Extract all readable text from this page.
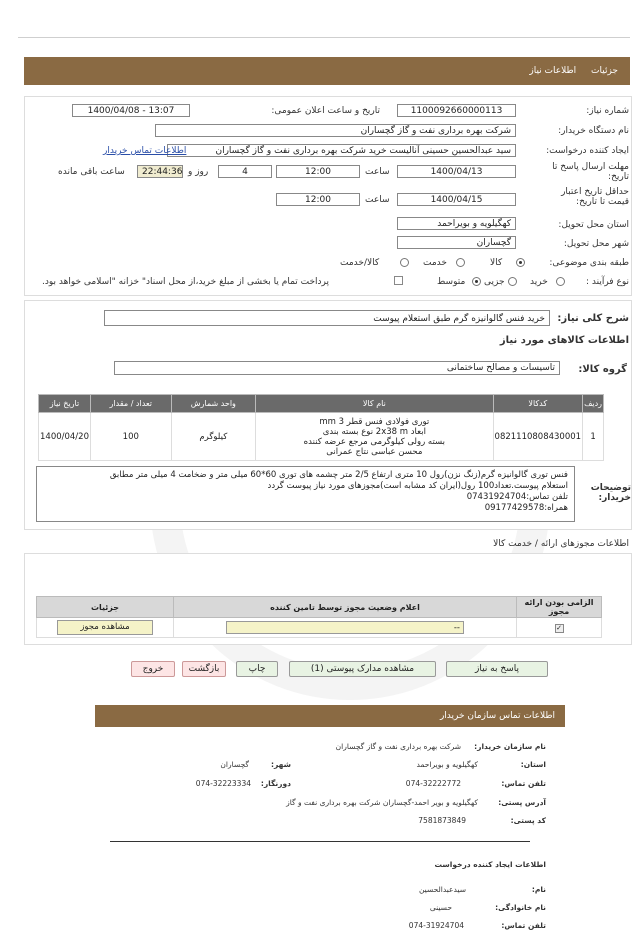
جزئیات اطلاعات نیاز
شماره نیاز:
1100092660000113
تاریخ و ساعت اعلان عمومی:
1400/04/08 - 13:07
نام دستگاه خریدار:
شرکت بهره برداری نفت و گاز گچساران
ایجاد کننده درخواست:
سید عبدالحسین حسینی آنالیست خرید شرکت بهره برداری نفت و گاز گچساران
اطلاعات تماس خریدار
مهلت ارسال پاسخ تا تاریخ:
1400/04/13
ساعت
12:00
4
روز و
22:44:36
ساعت باقی مانده
حداقل تاریخ اعتبار قیمت تا تاریخ:
1400/04/15
ساعت
12:00
استان محل تحویل:
کهگیلویه و بویراحمد
شهر محل تحویل:
گچساران
طبقه بندی موضوعی:
کالا
خدمت
کالا/خدمت
نوع فرآیند :
خرید
جزیی
متوسط
پرداخت تمام یا بخشی از مبلغ خرید،از محل اسناد" خزانه "اسلامی خواهد بود.
شرح کلی نیاز:
خرید فنس گالوانیزه گرم طبق استعلام پیوست
اطلاعات کالاهای مورد نیاز
گروه کالا:
تاسیسات و مصالح ساختمانی
ردیف	کدکالا	نام کالا	واحد شمارش	تعداد / مقدار	تاریخ نیاز
1	0821110808430001	توری فولادی فنس قطر 3 mm
ابعاد 2x38 m نوع بسته بندی
بسته رولی کیلوگرمی مرجع عرضه کننده
محسن عباسی نتاج عمرانی	کیلوگرم	100	1400/04/20
توضیحات خریدار:
فنس توری گالوانیزه گرم(زنگ نزن)رول 10 متری ارتفاع 2/5 متر چشمه های توری 60*60 میلی متر و ضخامت 4 میلی متر مطابق
استعلام پیوست.تعداد100 رول(ایران کد مشابه است)مجوزهای مورد نیاز پیوست گردد
تلفن تماس:07431924704
همراه:09177429578
اطلاعات مجوزهای ارائه / خدمت کالا
الزامی بودن ارائه مجوز	اعلام وضعیت مجوز توسط تامین کننده	جزئیات
✓	--	مشاهده مجوز
پاسخ به نیاز
مشاهده مدارک پیوستی (1)
چاپ
بازگشت
خروج
اطلاعات تماس سازمان خریدار
نام سازمان خریدار:
شرکت بهره برداری نفت و گاز گچساران
استان:
کهگیلویه و بویراحمد
شهر:
گچساران
تلفن تماس:
074-32222772
دورنگار:
074-32223334
آدرس پستی:
کهگیلویه و بویر احمد-گچساران شرکت بهره برداری نفت و گاز
کد پستی:
7581873849
اطلاعات ایجاد کننده درخواست
نام:
سیدعبدالحسین
نام خانوادگی:
حسینی
تلفن تماس:
074-31924704
